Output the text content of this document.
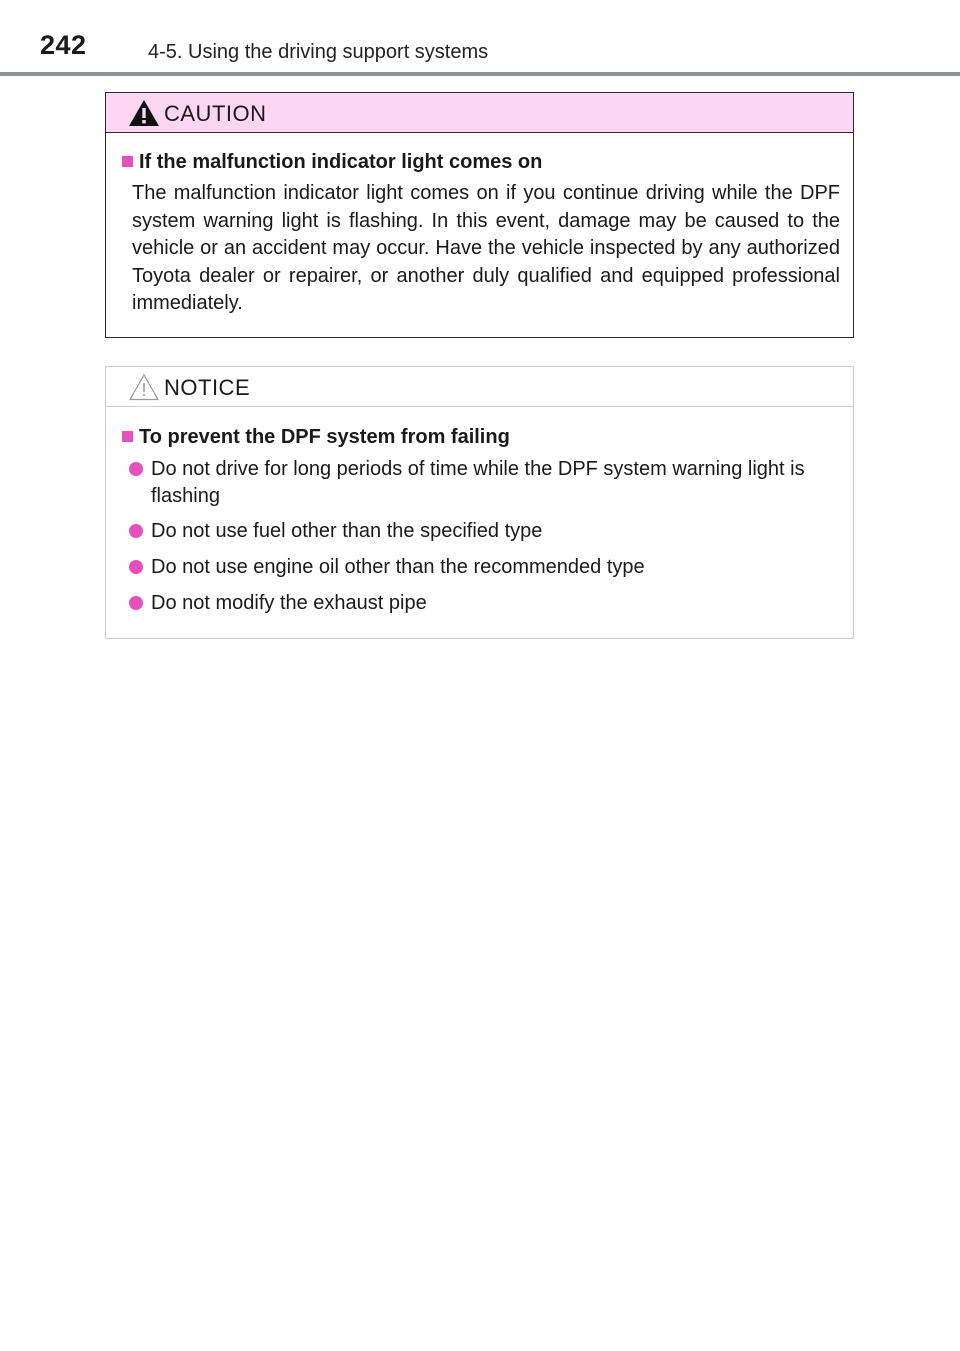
242	4-5. Using the driving support systems
CAUTION
If the malfunction indicator light comes on
The malfunction indicator light comes on if you continue driving while the DPF system warning light is flashing. In this event, damage may be caused to the vehicle or an accident may occur. Have the vehicle inspected by any authorized Toyota dealer or repairer, or another duly qualified and equipped professional immediately.
NOTICE
To prevent the DPF system from failing
Do not drive for long periods of time while the DPF system warning light is flashing
Do not use fuel other than the specified type
Do not use engine oil other than the recommended type
Do not modify the exhaust pipe
